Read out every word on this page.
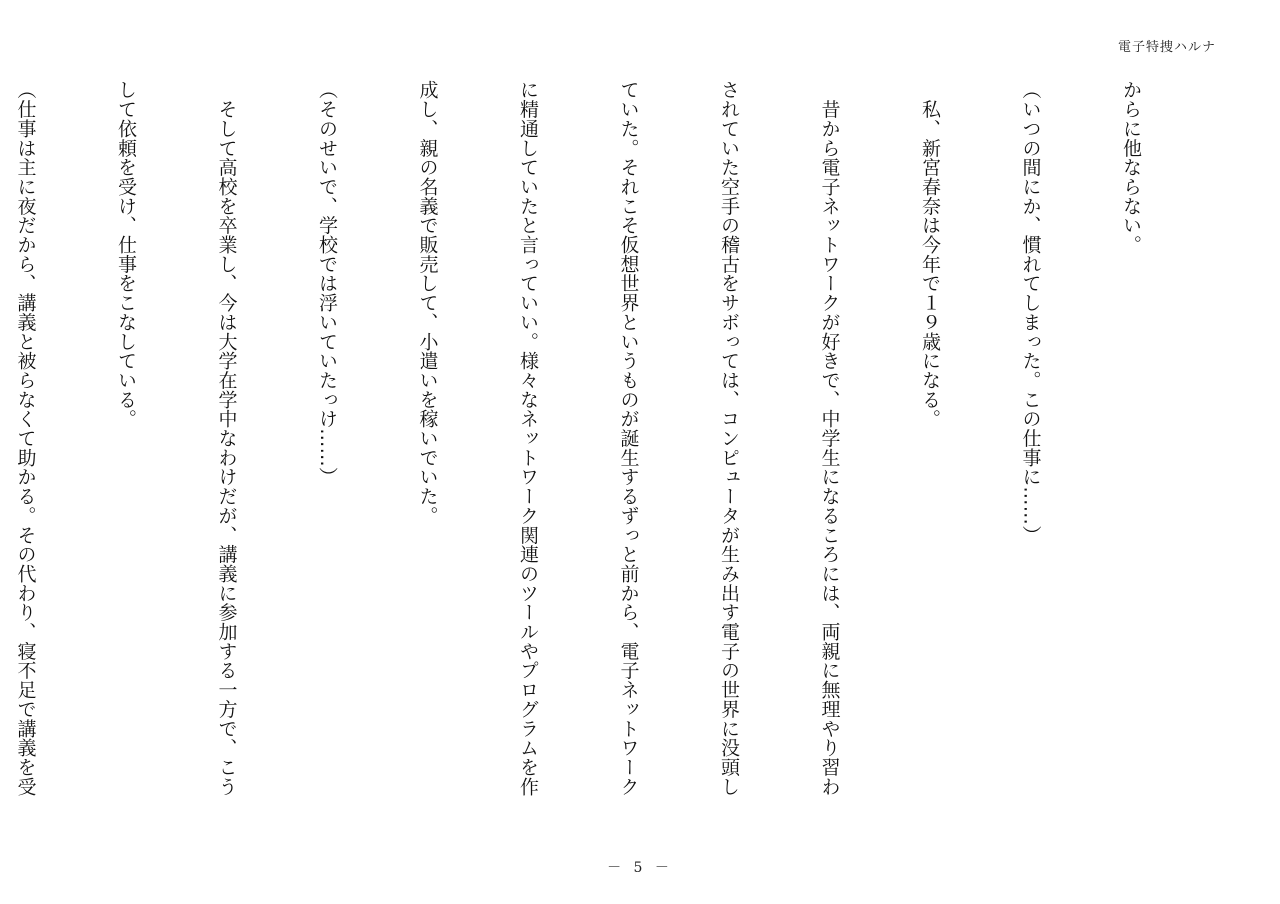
電子特捜ハルナ

からに他ならない。

（いつの間にか、慣れてしまった。この仕事に……）

　私、新宮春奈は今年で１９歳になる。

　昔から電子ネットワークが好きで、中学生になるころには、両親に無理やり習わ

されていた空手の稽古をサボっては、コンピュータが生み出す電子の世界に没頭し

ていた。それこそ仮想世界というものが誕生するずっと前から、電子ネットワーク

に精通していたと言っていい。様々なネットワーク関連のツールやプログラムを作

成し、親の名義で販売して、小遣いを稼いでいた。

（そのせいで、学校では浮いていたっけ……）

　そして高校を卒業し、今は大学在学中なわけだが、講義に参加する一方で、こう

して依頼を受け、仕事をこなしている。

（仕事は主に夜だから、講義と被らなくて助かる。その代わり、寝不足で講義を受

－ 5 －
